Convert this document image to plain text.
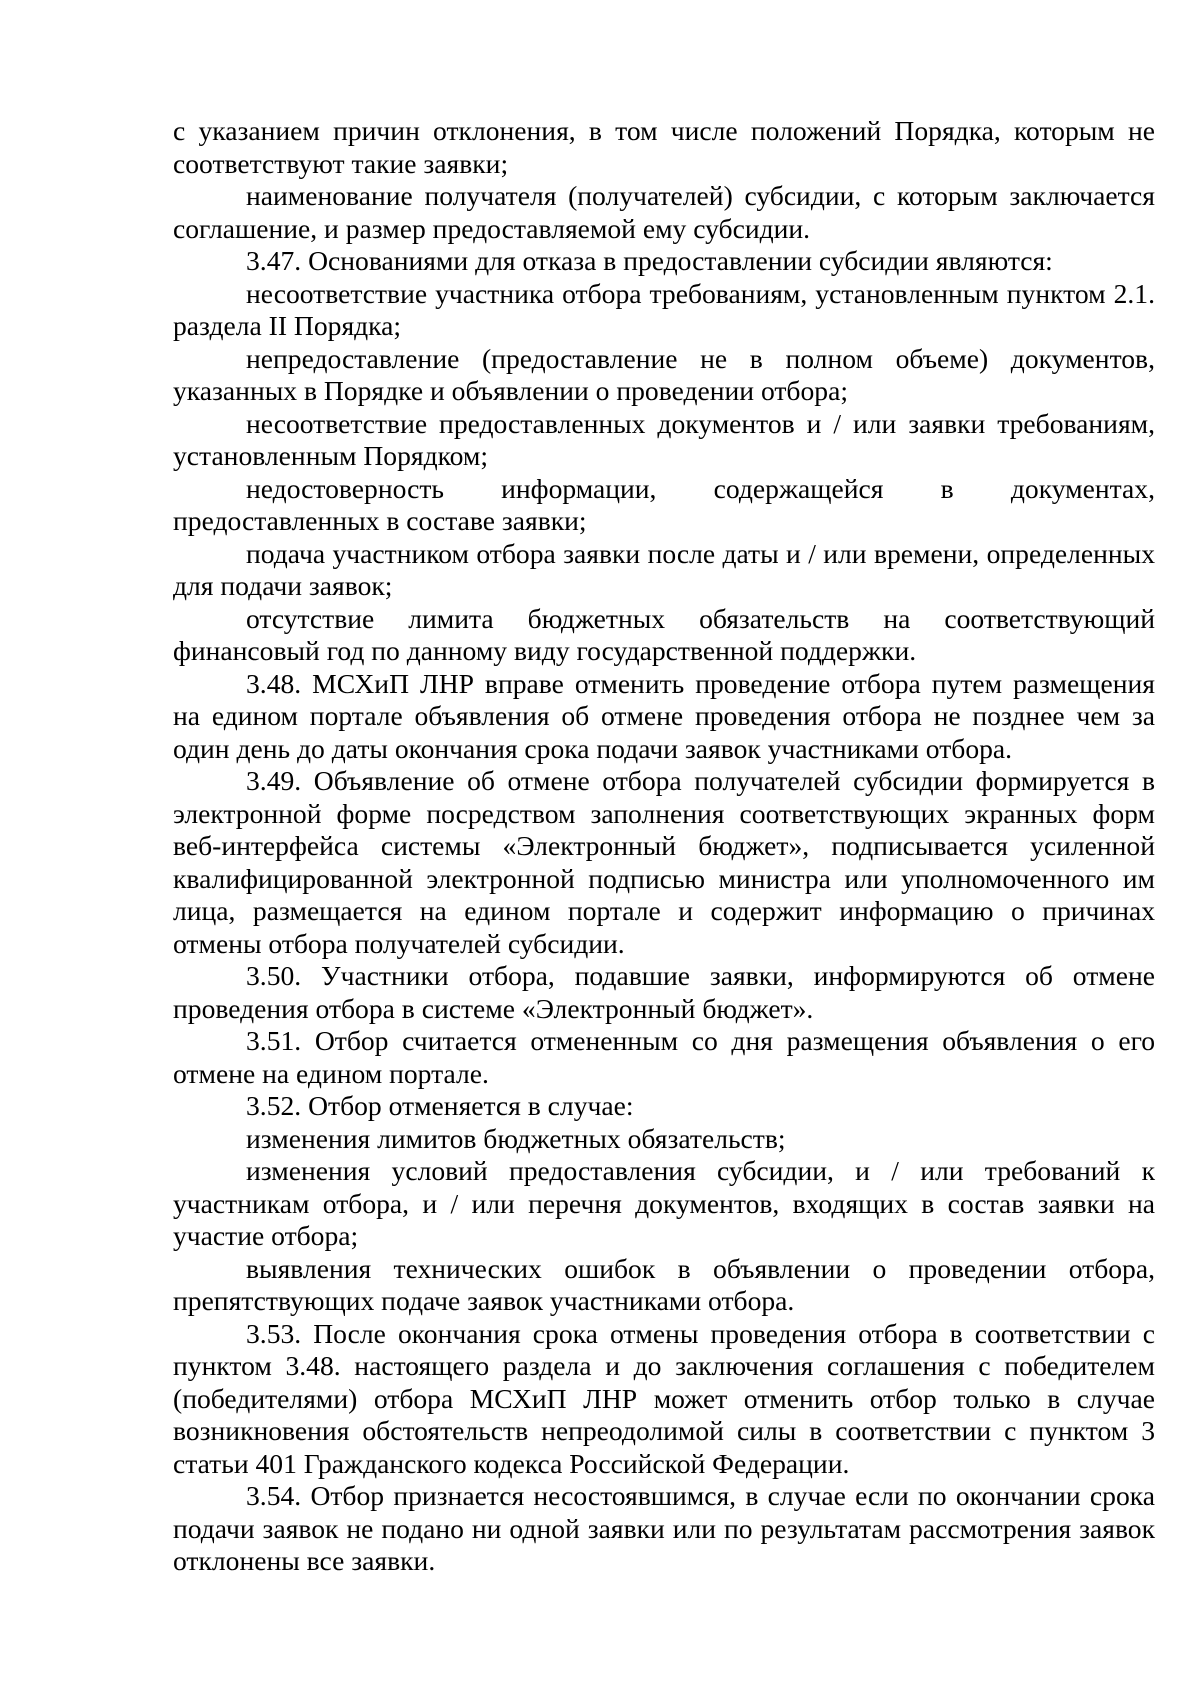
с указанием причин отклонения, в том числе положений Порядка, которым не соответствуют такие заявки;

наименование получателя (получателей) субсидии, с которым заключается соглашение, и размер предоставляемой ему субсидии.

3.47. Основаниями для отказа в предоставлении субсидии являются:

несоответствие участника отбора требованиям, установленным пунктом 2.1. раздела II Порядка;

непредоставление (предоставление не в полном объеме) документов, указанных в Порядке и объявлении о проведении отбора;

несоответствие предоставленных документов и / или заявки требованиям, установленным Порядком;

недостоверность информации, содержащейся в документах, предоставленных в составе заявки;

подача участником отбора заявки после даты и / или времени, определенных для подачи заявок;

отсутствие лимита бюджетных обязательств на соответствующий финансовый год по данному виду государственной поддержки.

3.48. МСХиП ЛНР вправе отменить проведение отбора путем размещения на едином портале объявления об отмене проведения отбора не позднее чем за один день до даты окончания срока подачи заявок участниками отбора.

3.49. Объявление об отмене отбора получателей субсидии формируется в электронной форме посредством заполнения соответствующих экранных форм веб-интерфейса системы «Электронный бюджет», подписывается усиленной квалифицированной электронной подписью министра или уполномоченного им лица, размещается на едином портале и содержит информацию о причинах отмены отбора получателей субсидии.

3.50. Участники отбора, подавшие заявки, информируются об отмене проведения отбора в системе «Электронный бюджет».

3.51. Отбор считается отмененным со дня размещения объявления о его отмене на едином портале.

3.52. Отбор отменяется в случае:

изменения лимитов бюджетных обязательств;

изменения условий предоставления субсидии, и / или требований к участникам отбора, и / или перечня документов, входящих в состав заявки на участие отбора;

выявления технических ошибок в объявлении о проведении отбора, препятствующих подаче заявок участниками отбора.

3.53. После окончания срока отмены проведения отбора в соответствии с пунктом 3.48. настоящего раздела и до заключения соглашения с победителем (победителями) отбора МСХиП ЛНР может отменить отбор только в случае возникновения обстоятельств непреодолимой силы в соответствии с пунктом 3 статьи 401 Гражданского кодекса Российской Федерации.

3.54. Отбор признается несостоявшимся, в случае если по окончании срока подачи заявок не подано ни одной заявки или по результатам рассмотрения заявок отклонены все заявки.
